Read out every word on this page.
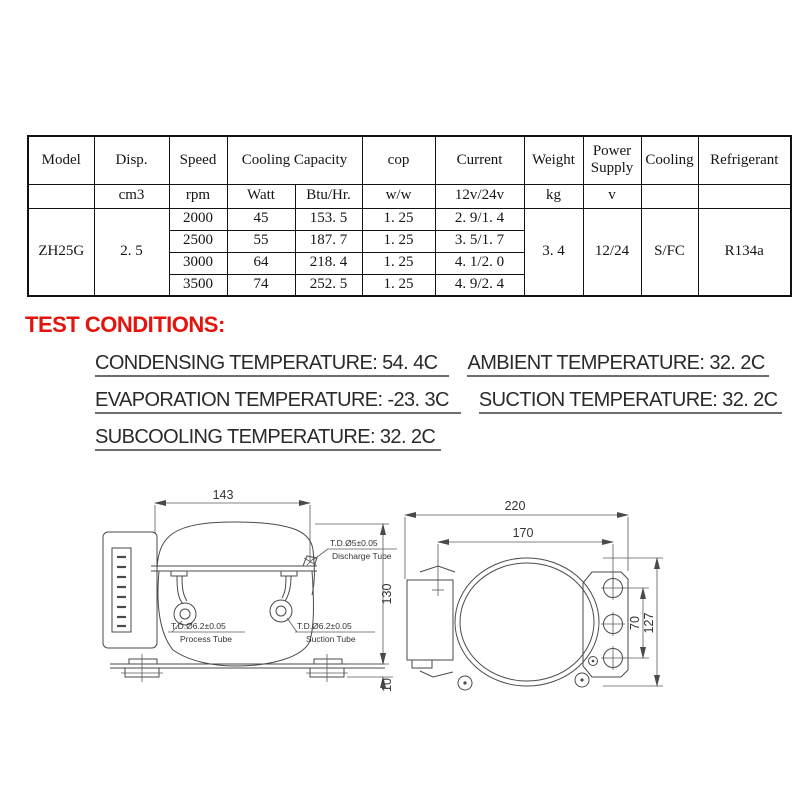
Model	Disp.	Speed	Cooling Capacity		cop	Current	Weight	Power Supply	Cooling	Refrigerant
	cm3	rpm	Watt	Btu/Hr.	w/w	12v/24v	kg	v		
ZH25G	2. 5	2000	45	153. 5	1. 25	2. 9/1. 4	3. 4	12/24	S/FC	R134a
		2500	55	187. 7	1. 25	3. 5/1. 7				
		3000	64	218. 4	1. 25	4. 1/2. 0				
		3500	74	252. 5	1. 25	4. 9/2. 4				
TEST CONDITIONS:
CONDENSING TEMPERATURE: 54. 4C	AMBIENT TEMPERATURE: 32. 2C
EVAPORATION TEMPERATURE: -23. 3C	SUCTION TEMPERATURE: 32. 2C
SUBCOOLING TEMPERATURE: 32. 2C
143
T.D.Ø5±0.05
Discharge Tube
T.D.Ø6.2±0.05
Process Tube
T.D.Ø6.2±0.05
Suction Tube
130
10
220
170
70 127
